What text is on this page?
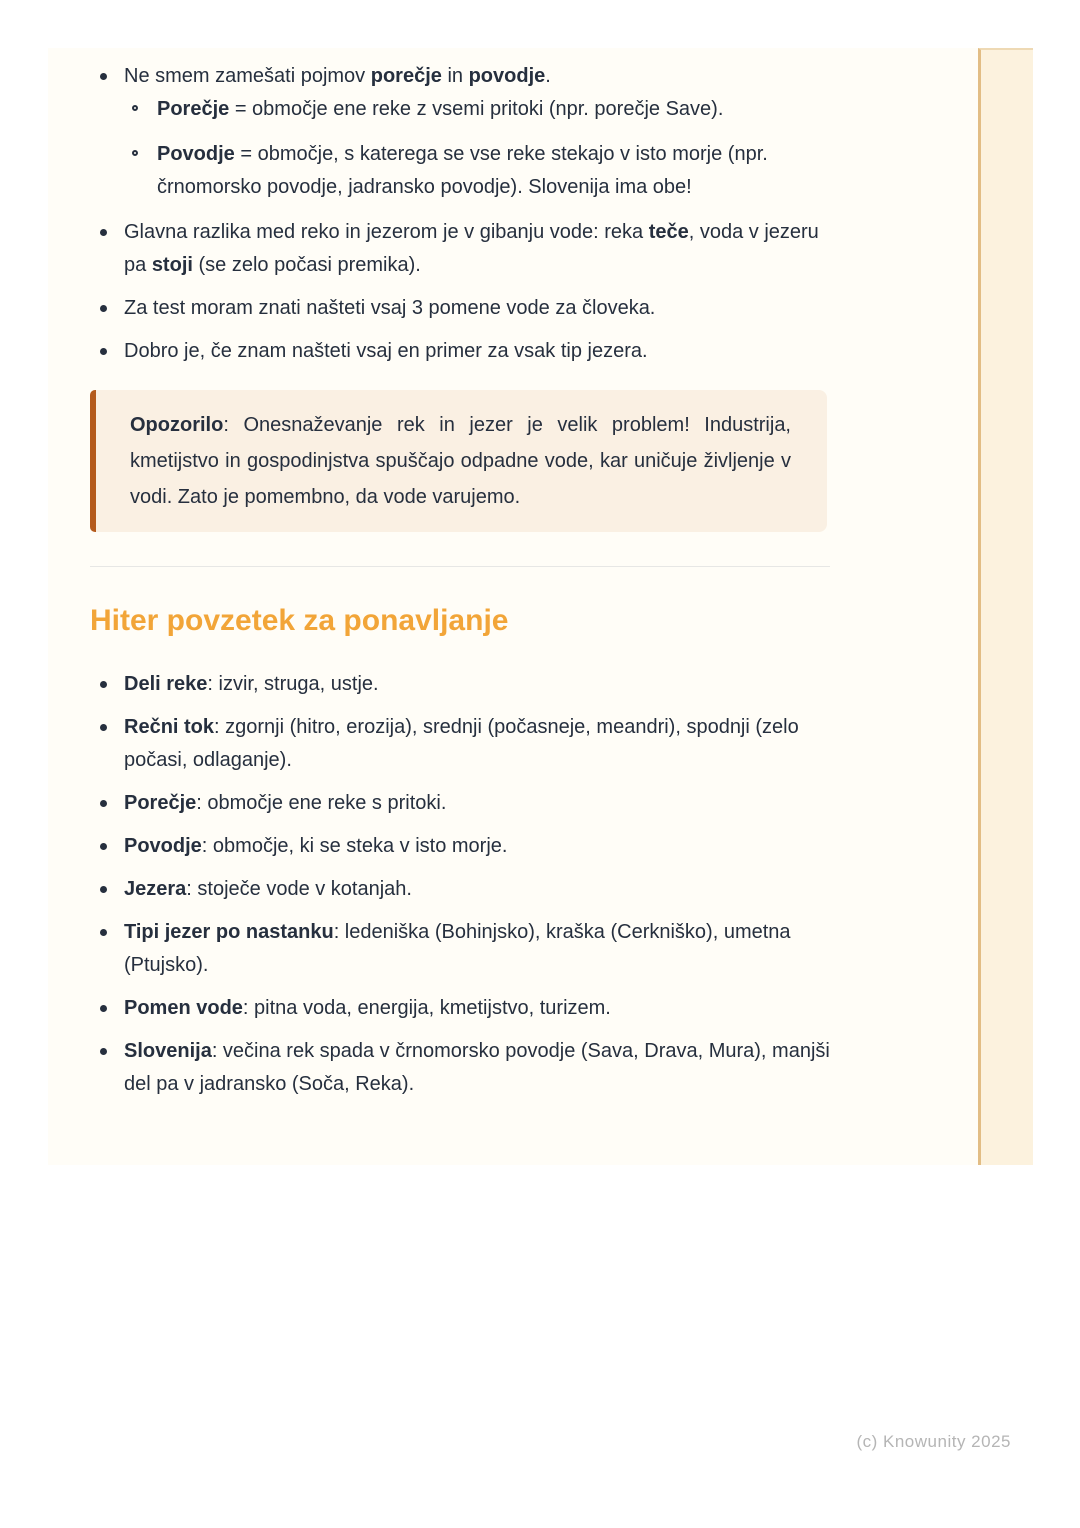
Ne smem zamešati pojmov porečje in povodje.
Porečje = območje ene reke z vsemi pritoki (npr. porečje Save).
Povodje = območje, s katerega se vse reke stekajo v isto morje (npr. črnomorsko povodje, jadransko povodje). Slovenija ima obe!
Glavna razlika med reko in jezerom je v gibanju vode: reka teče, voda v jezeru pa stoji (se zelo počasi premika).
Za test moram znati našteti vsaj 3 pomene vode za človeka.
Dobro je, če znam našteti vsaj en primer za vsak tip jezera.

Opozorilo: Onesnaževanje rek in jezer je velik problem! Industrija, kmetijstvo in gospodinjstva spuščajo odpadne vode, kar uničuje življenje v vodi. Zato je pomembno, da vode varujemo.

Hiter povzetek za ponavljanje
Deli reke: izvir, struga, ustje.
Rečni tok: zgornji (hitro, erozija), srednji (počasneje, meandri), spodnji (zelo počasi, odlaganje).
Porečje: območje ene reke s pritoki.
Povodje: območje, ki se steka v isto morje.
Jezera: stoječe vode v kotanjah.
Tipi jezer po nastanku: ledeniška (Bohinjsko), kraška (Cerkniško), umetna (Ptujsko).
Pomen vode: pitna voda, energija, kmetijstvo, turizem.
Slovenija: večina rek spada v črnomorsko povodje (Sava, Drava, Mura), manjši del pa v jadransko (Soča, Reka).
(c) Knowunity 2025
